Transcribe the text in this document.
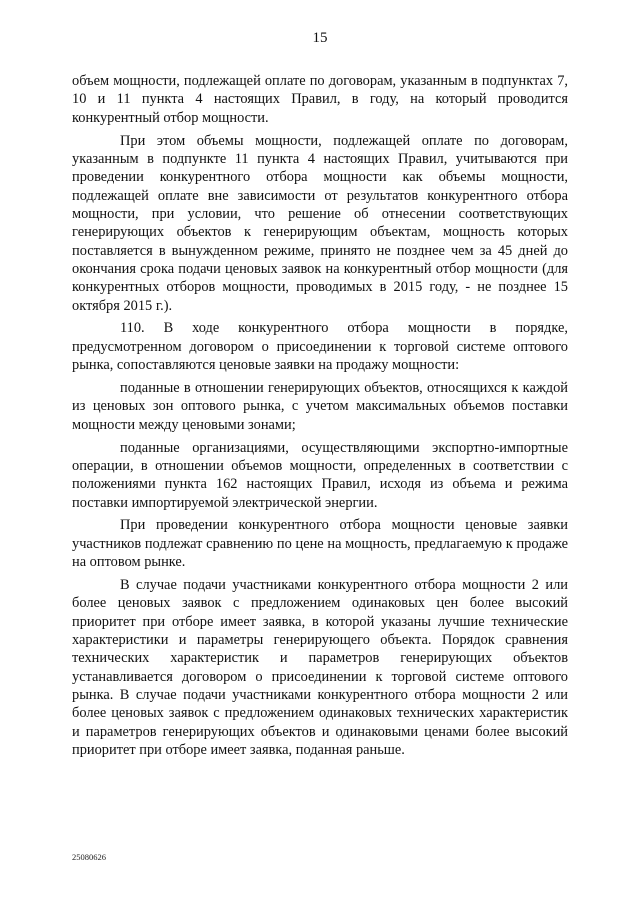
15

объем мощности, подлежащей оплате по договорам, указанным в подпунктах 7, 10 и 11 пункта 4 настоящих Правил, в году, на который проводится конкурентный отбор мощности.

При этом объемы мощности, подлежащей оплате по договорам, указанным в подпункте 11 пункта 4 настоящих Правил, учитываются при проведении конкурентного отбора мощности как объемы мощности, подлежащей оплате вне зависимости от результатов конкурентного отбора мощности, при условии, что решение об отнесении соответствующих генерирующих объектов к генерирующим объектам, мощность которых поставляется в вынужденном режиме, принято не позднее чем за 45 дней до окончания срока подачи ценовых заявок на конкурентный отбор мощности (для конкурентных отборов мощности, проводимых в 2015 году, - не позднее 15 октября 2015 г.).

110. В ходе конкурентного отбора мощности в порядке, предусмотренном договором о присоединении к торговой системе оптового рынка, сопоставляются ценовые заявки на продажу мощности:

поданные в отношении генерирующих объектов, относящихся к каждой из ценовых зон оптового рынка, с учетом максимальных объемов поставки мощности между ценовыми зонами;

поданные организациями, осуществляющими экспортно-импортные операции, в отношении объемов мощности, определенных в соответствии с положениями пункта 162 настоящих Правил, исходя из объема и режима поставки импортируемой электрической энергии.

При проведении конкурентного отбора мощности ценовые заявки участников подлежат сравнению по цене на мощность, предлагаемую к продаже на оптовом рынке.

В случае подачи участниками конкурентного отбора мощности 2 или более ценовых заявок с предложением одинаковых цен более высокий приоритет при отборе имеет заявка, в которой указаны лучшие технические характеристики и параметры генерирующего объекта. Порядок сравнения технических характеристик и параметров генерирующих объектов устанавливается договором о присоединении к торговой системе оптового рынка. В случае подачи участниками конкурентного отбора мощности 2 или более ценовых заявок с предложением одинаковых технических характеристик и параметров генерирующих объектов и одинаковыми ценами более высокий приоритет при отборе имеет заявка, поданная раньше.

25080626
